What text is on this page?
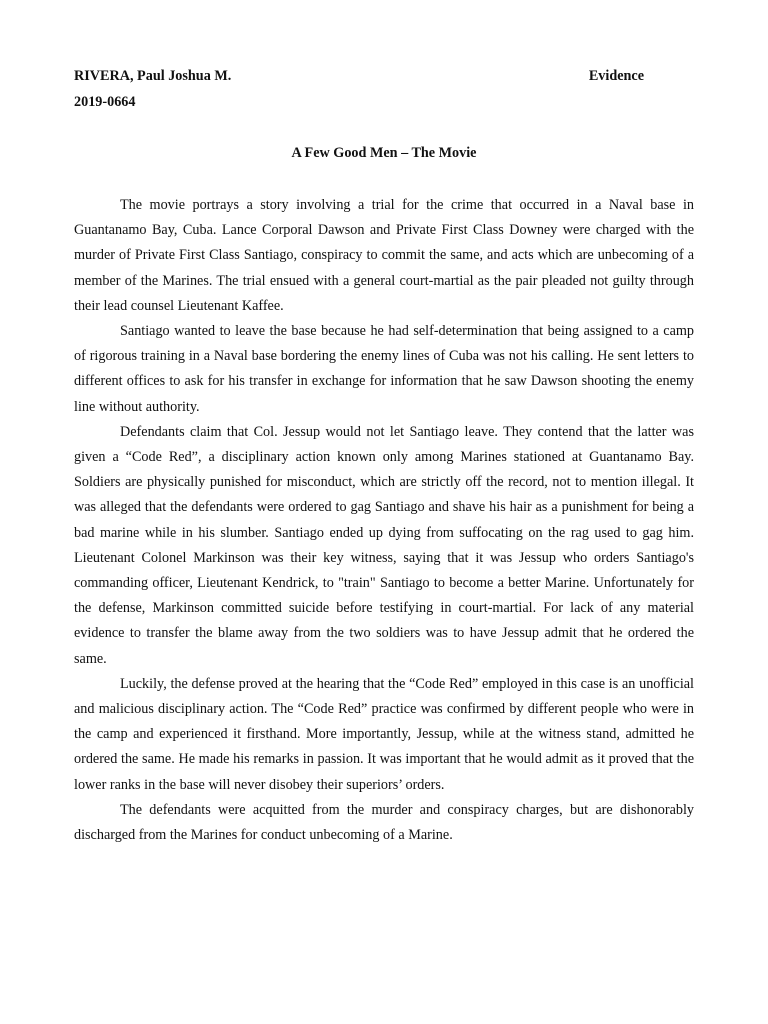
RIVERA, Paul Joshua M.	Evidence
2019-0664
A Few Good Men – The Movie

The movie portrays a story involving a trial for the crime that occurred in a Naval base in Guantanamo Bay, Cuba. Lance Corporal Dawson and Private First Class Downey were charged with the murder of Private First Class Santiago, conspiracy to commit the same, and acts which are unbecoming of a member of the Marines. The trial ensued with a general court-martial as the pair pleaded not guilty through their lead counsel Lieutenant Kaffee.

Santiago wanted to leave the base because he had self-determination that being assigned to a camp of rigorous training in a Naval base bordering the enemy lines of Cuba was not his calling. He sent letters to different offices to ask for his transfer in exchange for information that he saw Dawson shooting the enemy line without authority.

Defendants claim that Col. Jessup would not let Santiago leave. They contend that the latter was given a “Code Red”, a disciplinary action known only among Marines stationed at Guantanamo Bay. Soldiers are physically punished for misconduct, which are strictly off the record, not to mention illegal. It was alleged that the defendants were ordered to gag Santiago and shave his hair as a punishment for being a bad marine while in his slumber. Santiago ended up dying from suffocating on the rag used to gag him. Lieutenant Colonel Markinson was their key witness, saying that it was Jessup who orders Santiago's commanding officer, Lieutenant Kendrick, to "train" Santiago to become a better Marine. Unfortunately for the defense, Markinson committed suicide before testifying in court-martial. For lack of any material evidence to transfer the blame away from the two soldiers was to have Jessup admit that he ordered the same.

Luckily, the defense proved at the hearing that the “Code Red” employed in this case is an unofficial and malicious disciplinary action. The “Code Red” practice was confirmed by different people who were in the camp and experienced it firsthand. More importantly, Jessup, while at the witness stand, admitted he ordered the same. He made his remarks in passion. It was important that he would admit as it proved that the lower ranks in the base will never disobey their superiors’ orders.

The defendants were acquitted from the murder and conspiracy charges, but are dishonorably discharged from the Marines for conduct unbecoming of a Marine.
